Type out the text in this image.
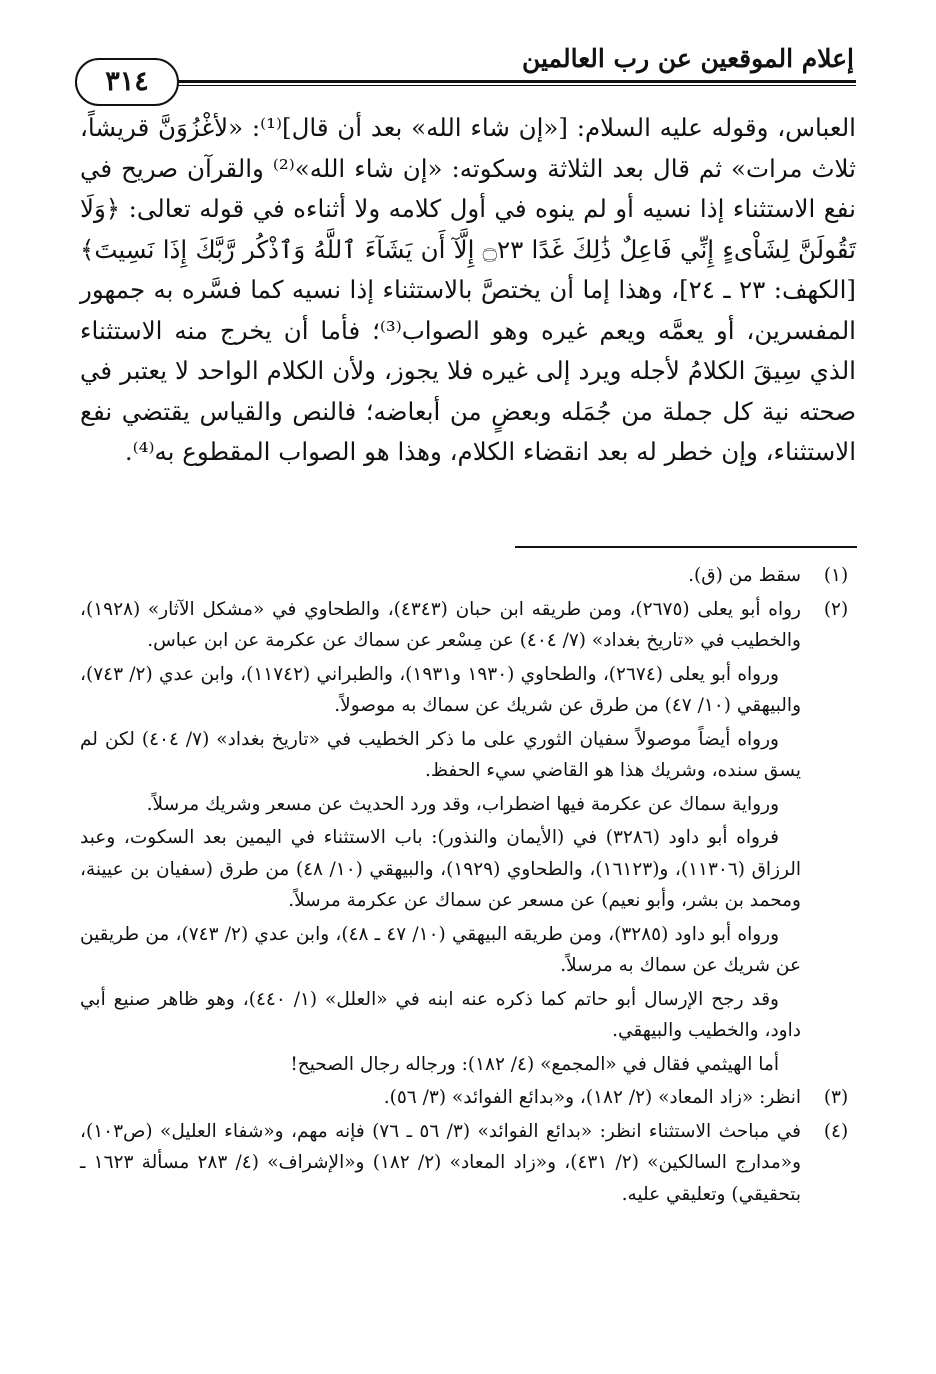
إعلام الموقعين عن رب العالمين
٣١٤

العباس، وقوله عليه السلام: [«إن شاء الله» بعد أن قال]⁽¹⁾: «لأغْزُوَنَّ قريشاً، ثلاث مرات» ثم قال بعد الثلاثة وسكوته: «إن شاء الله»⁽²⁾ والقرآن صريح في نفع الاستثناء إذا نسيه أو لم ينوه في أول كلامه ولا أثناءه في قوله تعالى: ﴿وَلَا تَقُولَنَّ لِشَاْىءٍ إِنِّي فَاعِلٌ ذَٰلِكَ غَدًا ۝٢٣ إِلَّآ أَن يَشَآءَ ٱللَّهُ وَٱذْكُر رَّبَّكَ إِذَا نَسِيتَ﴾ [الكهف: ٢٣ ـ ٢٤]، وهذا إما أن يختصَّ بالاستثناء إذا نسيه كما فسَّره به جمهور المفسرين، أو يعمَّه ويعم غيره وهو الصواب⁽³⁾؛ فأما أن يخرج منه الاستثناء الذي سِيقَ الكلامُ لأجله ويرد إلى غيره فلا يجوز، ولأن الكلام الواحد لا يعتبر في صحته نية كل جملة من جُمَله وبعضٍ من أبعاضه؛ فالنص والقياس يقتضي نفع الاستثناء، وإن خطر له بعد انقضاء الكلام، وهذا هو الصواب المقطوع به⁽⁴⁾.

(١)

سقط من (ق).

(٢)

رواه أبو يعلى (٢٦٧٥)، ومن طريقه ابن حبان (٤٣٤٣)، والطحاوي في «مشكل الآثار» (١٩٢٨)، والخطيب في «تاريخ بغداد» (٧/ ٤٠٤) عن مِسْعر عن سماك عن عكرمة عن ابن عباس.

ورواه أبو يعلى (٢٦٧٤)، والطحاوي (١٩٣٠ و١٩٣١)، والطبراني (١١٧٤٢)، وابن عدي (٢/ ٧٤٣)، والبيهقي (١٠/ ٤٧) من طرق عن شريك عن سماك به موصولاً.

ورواه أيضاً موصولاً سفيان الثوري على ما ذكر الخطيب في «تاريخ بغداد» (٧/ ٤٠٤) لكن لم يسق سنده، وشريك هذا هو القاضي سيء الحفظ.

ورواية سماك عن عكرمة فيها اضطراب، وقد ورد الحديث عن مسعر وشريك مرسلاً.

فرواه أبو داود (٣٢٨٦) في (الأيمان والنذور): باب الاستثناء في اليمين بعد السكوت، وعبد الرزاق (١١٣٠٦)، و(١٦١٢٣)، والطحاوي (١٩٢٩)، والبيهقي (١٠/ ٤٨) من طرق (سفيان بن عيينة، ومحمد بن بشر، وأبو نعيم) عن مسعر عن سماك عن عكرمة مرسلاً.

ورواه أبو داود (٣٢٨٥)، ومن طريقه البيهقي (١٠/ ٤٧ ـ ٤٨)، وابن عدي (٢/ ٧٤٣)، من طريقين عن شريك عن سماك به مرسلاً.

وقد رجح الإرسال أبو حاتم كما ذكره عنه ابنه في «العلل» (١/ ٤٤٠)، وهو ظاهر صنيع أبي داود، والخطيب والبيهقي.

أما الهيثمي فقال في «المجمع» (٤/ ١٨٢): ورجاله رجال الصحيح!

(٣)

انظر: «زاد المعاد» (٢/ ١٨٢)، و«بدائع الفوائد» (٣/ ٥٦).

(٤)

في مباحث الاستثناء انظر: «بدائع الفوائد» (٣/ ٥٦ ـ ٧٦) فإنه مهم، و«شفاء العليل» (ص١٠٣)، و«مدارج السالكين» (٢/ ٤٣١)، و«زاد المعاد» (٢/ ١٨٢) و«الإشراف» (٤/ ٢٨٣ مسألة ١٦٢٣ ـ بتحقيقي) وتعليقي عليه.
